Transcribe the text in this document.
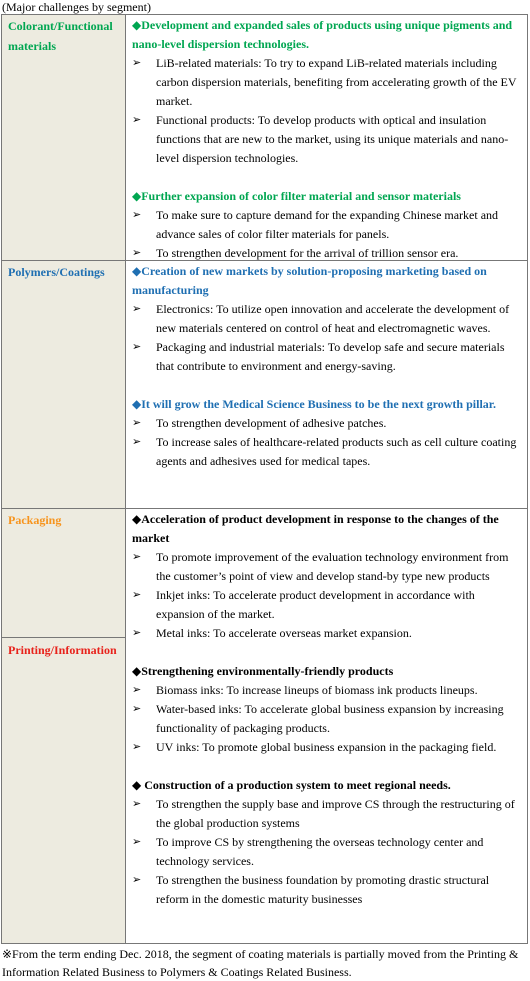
(Major challenges by segment)
Colorant/Functional materials
Polymers/Coatings
Packaging
Printing/Information
◆Development and expanded sales of products using unique pigments and nano-level dispersion technologies.
➢ LiB-related materials: To try to expand LiB-related materials including carbon dispersion materials, benefiting from accelerating growth of the EV market.
➢ Functional products: To develop products with optical and insulation functions that are new to the market, using its unique materials and nano-level dispersion technologies.
◆Further expansion of color filter material and sensor materials
➢ To make sure to capture demand for the expanding Chinese market and advance sales of color filter materials for panels.
➢ To strengthen development for the arrival of trillion sensor era.
◆Creation of new markets by solution-proposing marketing based on manufacturing
➢ Electronics: To utilize open innovation and accelerate the development of new materials centered on control of heat and electromagnetic waves.
➢ Packaging and industrial materials: To develop safe and secure materials that contribute to environment and energy-saving.
◆It will grow the Medical Science Business to be the next growth pillar.
➢ To strengthen development of adhesive patches.
➢ To increase sales of healthcare-related products such as cell culture coating agents and adhesives used for medical tapes.
◆Acceleration of product development in response to the changes of the market
➢ To promote improvement of the evaluation technology environment from the customer’s point of view and develop stand-by type new products
➢ Inkjet inks: To accelerate product development in accordance with expansion of the market.
➢ Metal inks: To accelerate overseas market expansion.
◆Strengthening environmentally-friendly products
➢ Biomass inks: To increase lineups of biomass ink products lineups.
➢ Water-based inks: To accelerate global business expansion by increasing functionality of packaging products.
➢ UV inks: To promote global business expansion in the packaging field.
◆ Construction of a production system to meet regional needs.
➢ To strengthen the supply base and improve CS through the restructuring of the global production systems
➢ To improve CS by strengthening the overseas technology center and technology services.
➢ To strengthen the business foundation by promoting drastic structural reform in the domestic maturity businesses
※From the term ending Dec. 2018, the segment of coating materials is partially moved from the Printing & Information Related Business to Polymers & Coatings Related Business.
